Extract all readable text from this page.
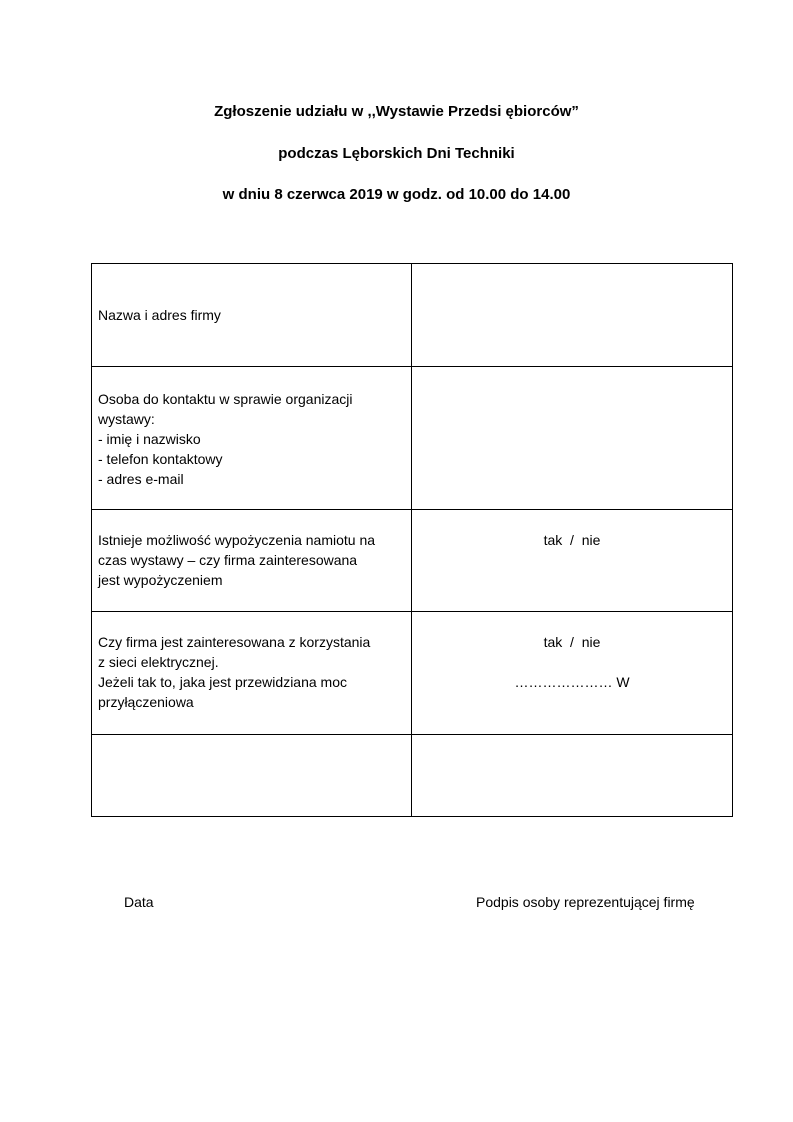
Zgłoszenie udziału w ,,Wystawie Przedsi ębiorców”
podczas Lęborskich Dni Techniki
w dniu 8 czerwca 2019 w godz. od 10.00 do 14.00
Nazwa i adres firmy	

Osoba do kontaktu w sprawie organizacji
wystawy:
- imię i nazwisko
- telefon kontaktowy
- adres e-mail	

Istnieje możliwość wypożyczenia namiotu na
czas wystawy – czy firma zainteresowana
jest wypożyczeniem	tak  /  nie

Czy firma jest zainteresowana z korzystania
z sieci elektrycznej.
Jeżeli tak to, jaka jest przewidziana moc
przyłączeniowa	tak  /  nie
………………… W

Data	Podpis osoby reprezentującej firmę
